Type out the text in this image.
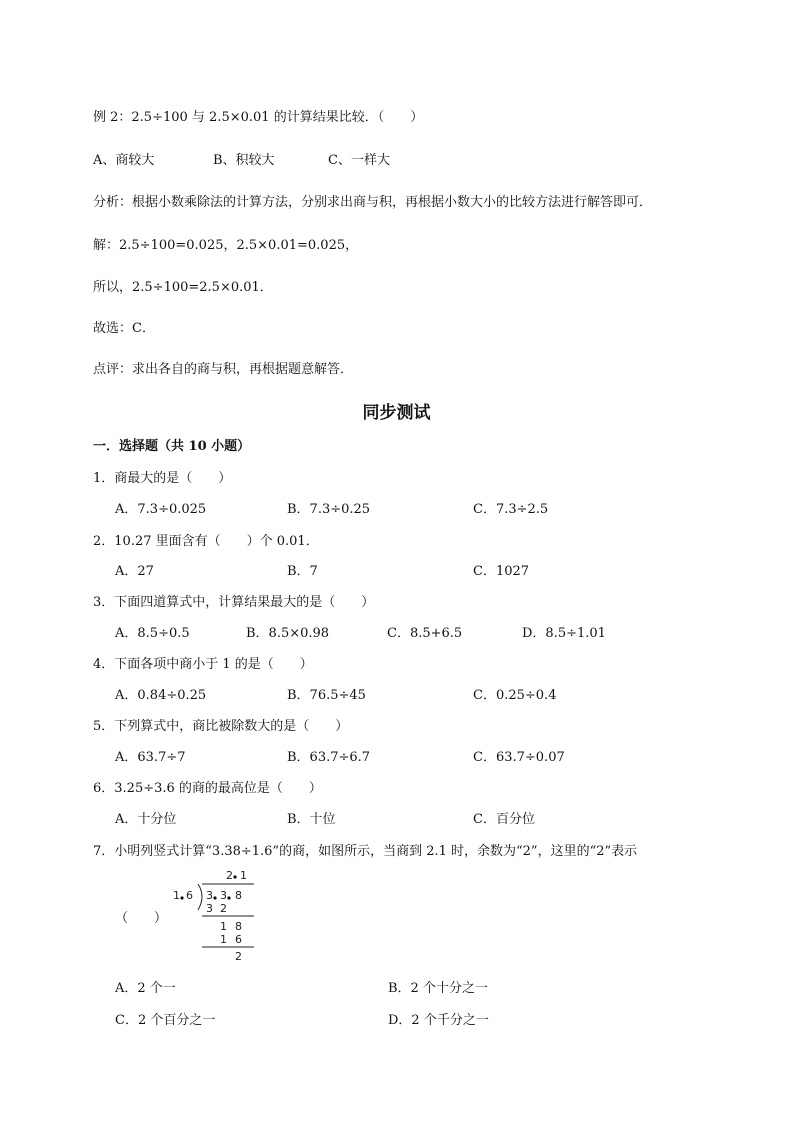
例 2：2.5÷100 与 2.5×0.01 的计算结果比较．（　　）
A、商较大	B、积较大	C、一样大
分析：根据小数乘除法的计算方法，分别求出商与积，再根据小数大小的比较方法进行解答即可．
解：2.5÷100=0.025，2.5×0.01=0.025，
所以，2.5÷100=2.5×0.01．
故选：C．
点评：求出各自的商与积，再根据题意解答．
同步测试
一．选择题（共 10 小题）
1．商最大的是（　　）
A．7.3÷0.025	B．7.3÷0.25	C．7.3÷2.5
2．10.27 里面含有（　　）个 0.01．
A．27	B．7	C．1027
3．下面四道算式中，计算结果最大的是（　　）
A．8.5÷0.5	B．8.5×0.98	C．8.5+6.5	D．8.5÷1.01
4．下面各项中商小于 1 的是（　　）
A．0.84÷0.25	B．76.5÷45	C．0.25÷0.4
5．下列算式中，商比被除数大的是（　　）
A．63.7÷7	B．63.7÷6.7	C．63.7÷0.07
6．3.25÷3.6 的商的最高位是（　　）
A．十分位	B．十位	C．百分位
7．小明列竖式计算“3.38÷1.6”的商，如图所示，当商到 2.1 时，余数为“2”，这里的“2”表示
（　　）
2 1
1 6 3 3 8
3 2
1 8
1 6
2
A．2 个一	B．2 个十分之一
C．2 个百分之一	D．2 个千分之一
